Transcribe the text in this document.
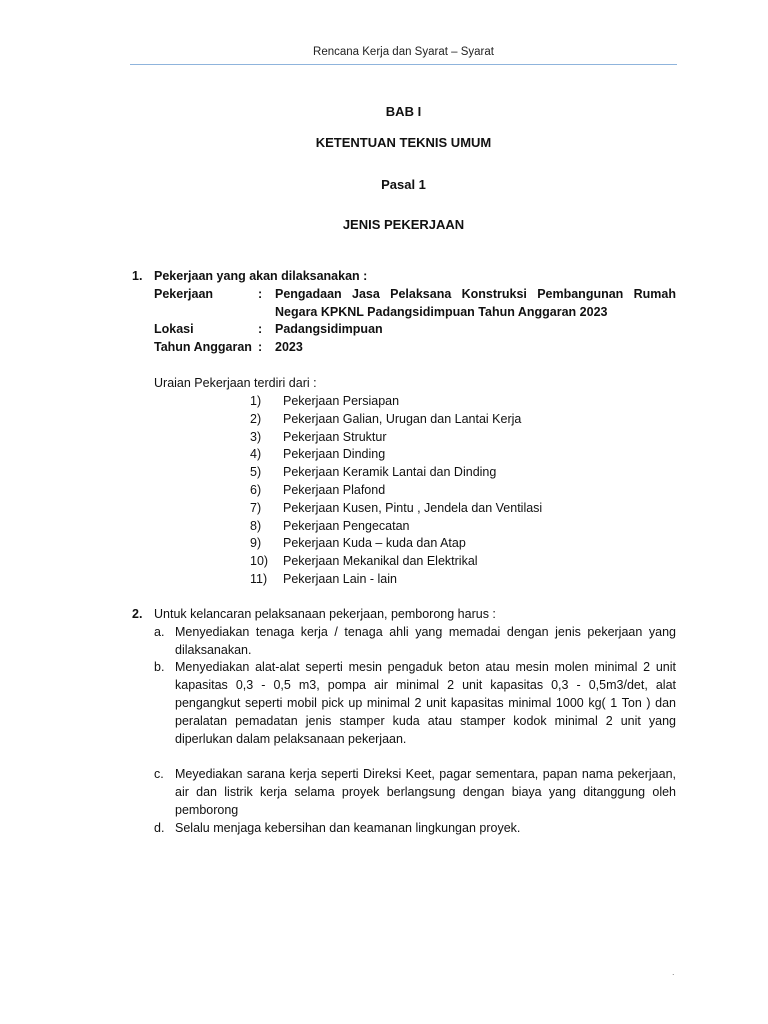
Rencana Kerja dan Syarat – Syarat
BAB I
KETENTUAN TEKNIS UMUM
Pasal 1
JENIS PEKERJAAN
1. Pekerjaan yang akan dilaksanakan :
Pekerjaan	:	Pengadaan Jasa Pelaksana Konstruksi Pembangunan Rumah Negara KPKNL Padangsidimpuan Tahun Anggaran 2023
Lokasi	:	Padangsidimpuan
Tahun Anggaran :	2023
Uraian Pekerjaan terdiri dari :
1)	Pekerjaan Persiapan
2)	Pekerjaan Galian, Urugan dan Lantai Kerja
3)	Pekerjaan Struktur
4)	Pekerjaan Dinding
5)	Pekerjaan Keramik Lantai dan Dinding
6)	Pekerjaan Plafond
7)	Pekerjaan Kusen, Pintu , Jendela dan Ventilasi
8)	Pekerjaan Pengecatan
9)	Pekerjaan Kuda – kuda dan Atap
10)	Pekerjaan Mekanikal dan Elektrikal
11)	Pekerjaan Lain - lain
2. Untuk kelancaran pelaksanaan pekerjaan, pemborong harus :
a. Menyediakan tenaga kerja / tenaga ahli yang memadai dengan jenis pekerjaan yang dilaksanakan.
b. Menyediakan alat-alat seperti mesin pengaduk beton atau mesin molen minimal 2 unit kapasitas 0,3 - 0,5 m3, pompa air minimal 2 unit kapasitas 0,3 - 0,5m3/det, alat pengangkut seperti mobil pick up minimal 2 unit kapasitas minimal 1000 kg( 1 Ton ) dan peralatan pemadatan jenis stamper kuda atau stamper kodok minimal 2 unit yang diperlukan dalam pelaksanaan pekerjaan.
c. Meyediakan sarana kerja seperti Direksi Keet, pagar sementara, papan nama pekerjaan, air dan listrik kerja selama proyek berlangsung dengan biaya yang ditanggung oleh pemborong
d. Selalu menjaga kebersihan dan keamanan lingkungan proyek.
.
